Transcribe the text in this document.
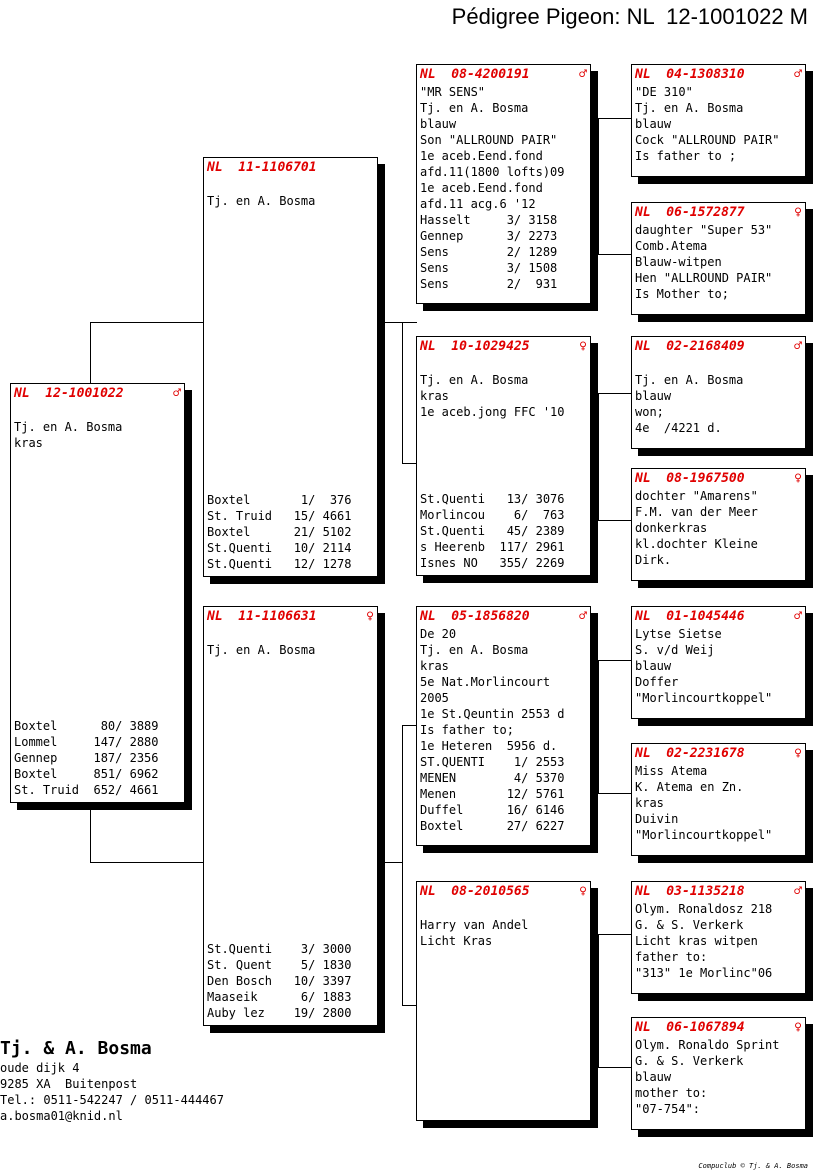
Pédigree Pigeon: NL  12-1001022 M
NL  12-1001022	♂
Tj. en A. Bosma
kras
Boxtel      80/ 3889
Lommel     147/ 2880
Gennep     187/ 2356
Boxtel     851/ 6962
St. Truid  652/ 4661
NL  11-1106701
Tj. en A. Bosma
Boxtel       1/  376
St. Truid   15/ 4661
Boxtel      21/ 5102
St.Quenti   10/ 2114
St.Quenti   12/ 1278
NL  11-1106631	♀
Tj. en A. Bosma
St.Quenti    3/ 3000
St. Quent    5/ 1830
Den Bosch   10/ 3397
Maaseik      6/ 1883
Auby lez    19/ 2800
NL  08-4200191	♂
"MR SENS"
Tj. en A. Bosma
blauw
Son "ALLROUND PAIR"
1e aceb.Eend.fond
afd.11(1800 lofts)09
1e aceb.Eend.fond
afd.11 acg.6 '12
Hasselt     3/ 3158
Gennep      3/ 2273
Sens        2/ 1289
Sens        3/ 1508
Sens        2/  931
NL  10-1029425	♀
Tj. en A. Bosma
kras
1e aceb.jong FFC '10
St.Quenti   13/ 3076
Morlincou    6/  763
St.Quenti   45/ 2389
s Heerenb  117/ 2961
Isnes NO   355/ 2269
NL  05-1856820	♂
De 20
Tj. en A. Bosma
kras
5e Nat.Morlincourt
2005
1e St.Qeuntin 2553 d
Is father to;
1e Heteren  5956 d.
ST.QUENTI    1/ 2553
MENEN        4/ 5370
Menen       12/ 5761
Duffel      16/ 6146
Boxtel      27/ 6227
NL  08-2010565	♀
Harry van Andel
Licht Kras
NL  04-1308310	♂
"DE 310"
Tj. en A. Bosma
blauw
Cock "ALLROUND PAIR"
Is father to ;
NL  06-1572877	♀
daughter "Super 53"
Comb.Atema
Blauw-witpen
Hen "ALLROUND PAIR"
Is Mother to;
NL  02-2168409	♂
Tj. en A. Bosma
blauw
won;
4e  /4221 d.
NL  08-1967500	♀
dochter "Amarens"
F.M. van der Meer
donkerkras
kl.dochter Kleine
Dirk.
NL  01-1045446	♂
Lytse Sietse
S. v/d Weij
blauw
Doffer
"Morlincourtkoppel"
NL  02-2231678	♀
Miss Atema
K. Atema en Zn.
kras
Duivin
"Morlincourtkoppel"
NL  03-1135218	♂
Olym. Ronaldosz 218
G. & S. Verkerk
Licht kras witpen
father to:
"313" 1e Morlinc"06
NL  06-1067894	♀
Olym. Ronaldo Sprint
G. & S. Verkerk
blauw
mother to:
"07-754":
Tj. & A. Bosma
oude dijk 4
9285 XA  Buitenpost
Tel.: 0511-542247 / 0511-444467
a.bosma01@knid.nl
Compuclub © Tj. & A. Bosma
